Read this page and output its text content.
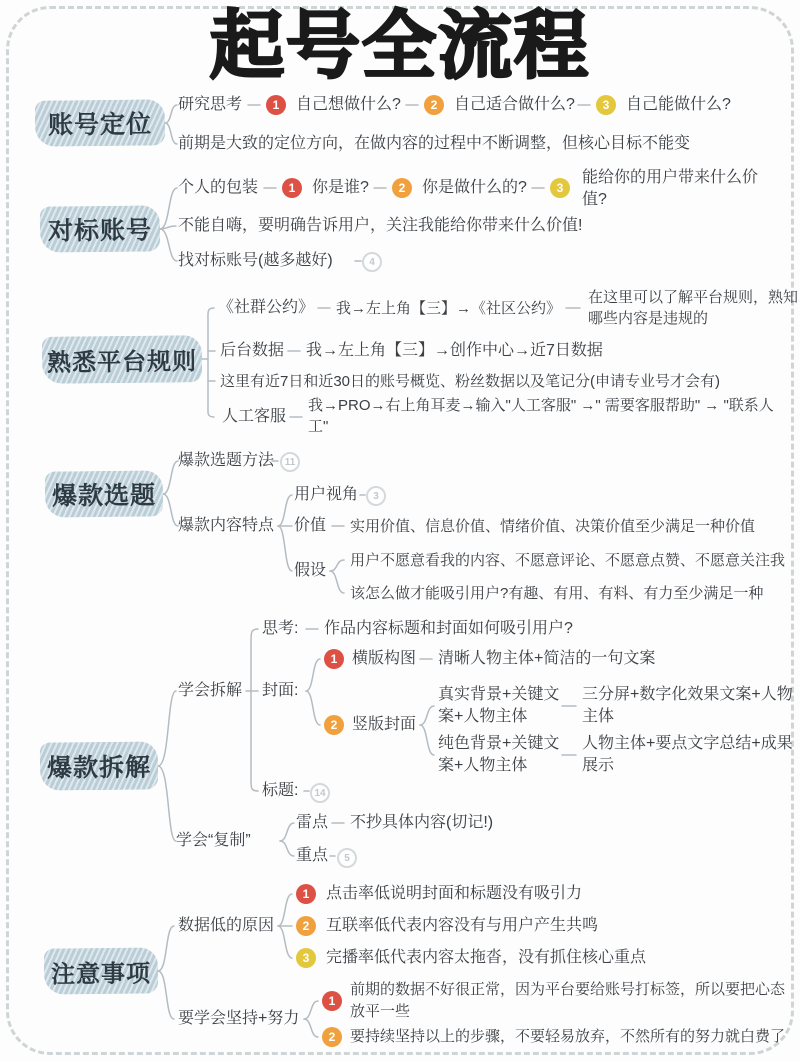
起号全流程
账号定位
研究思考	1	自己想做什么?	2	自己适合做什么?	3	自己能做什么?
前期是大致的定位方向，在做内容的过程中不断调整，但核心目标不能变
对标账号
个人的包装	1	你是谁?	2	你是做什么的?	3
能给你的用户带来什么价值?
不能自嗨，要明确告诉用户，关注我能给你带来什么价值!
找对标账号(越多越好)	4
熟悉平台规则
《社群公约》 我→左上角【三】→《社区公约》
在这里可以了解平台规则，熟知哪些内容是违规的
后台数据 我→左上角【三】→创作中心→近7日数据
这里有近7日和近30日的账号概览、粉丝数据以及笔记分(申请专业号才会有)
人工客服
我→PRO→右上角耳麦→输入"人工客服" →" 需要客服帮助" → "联系人工"
爆款选题
爆款选题方法	11
爆款内容特点
用户视角	3
价值 实用价值、信息价值、情绪价值、决策价值至少满足一种价值
假设
用户不愿意看我的内容、不愿意评论、不愿意点赞、不愿意关注我
该怎么做才能吸引用户?有趣、有用、有料、有力至少满足一种
爆款拆解
学会拆解
思考: 作品内容标题和封面如何吸引用户?
封面:
1 横版构图 清晰人物主体+简洁的一句文案
2 竖版封面
真实背景+关键文案+人物主体
三分屏+数字化效果文案+人物主体
纯色背景+关键文案+人物主体
人物主体+要点文字总结+成果展示
标题:	14
学会“复制”
雷点 不抄具体内容(切记!)
重点	5
注意事项
数据低的原因
1	点击率低说明封面和标题没有吸引力
2	互联率低代表内容没有与用户产生共鸣
3	完播率低代表内容太拖沓，没有抓住核心重点
要学会坚持+努力
1
前期的数据不好很正常，因为平台要给账号打标签，所以要把心态放平一些
2 要持续坚持以上的步骤，不要轻易放弃，不然所有的努力就白费了
